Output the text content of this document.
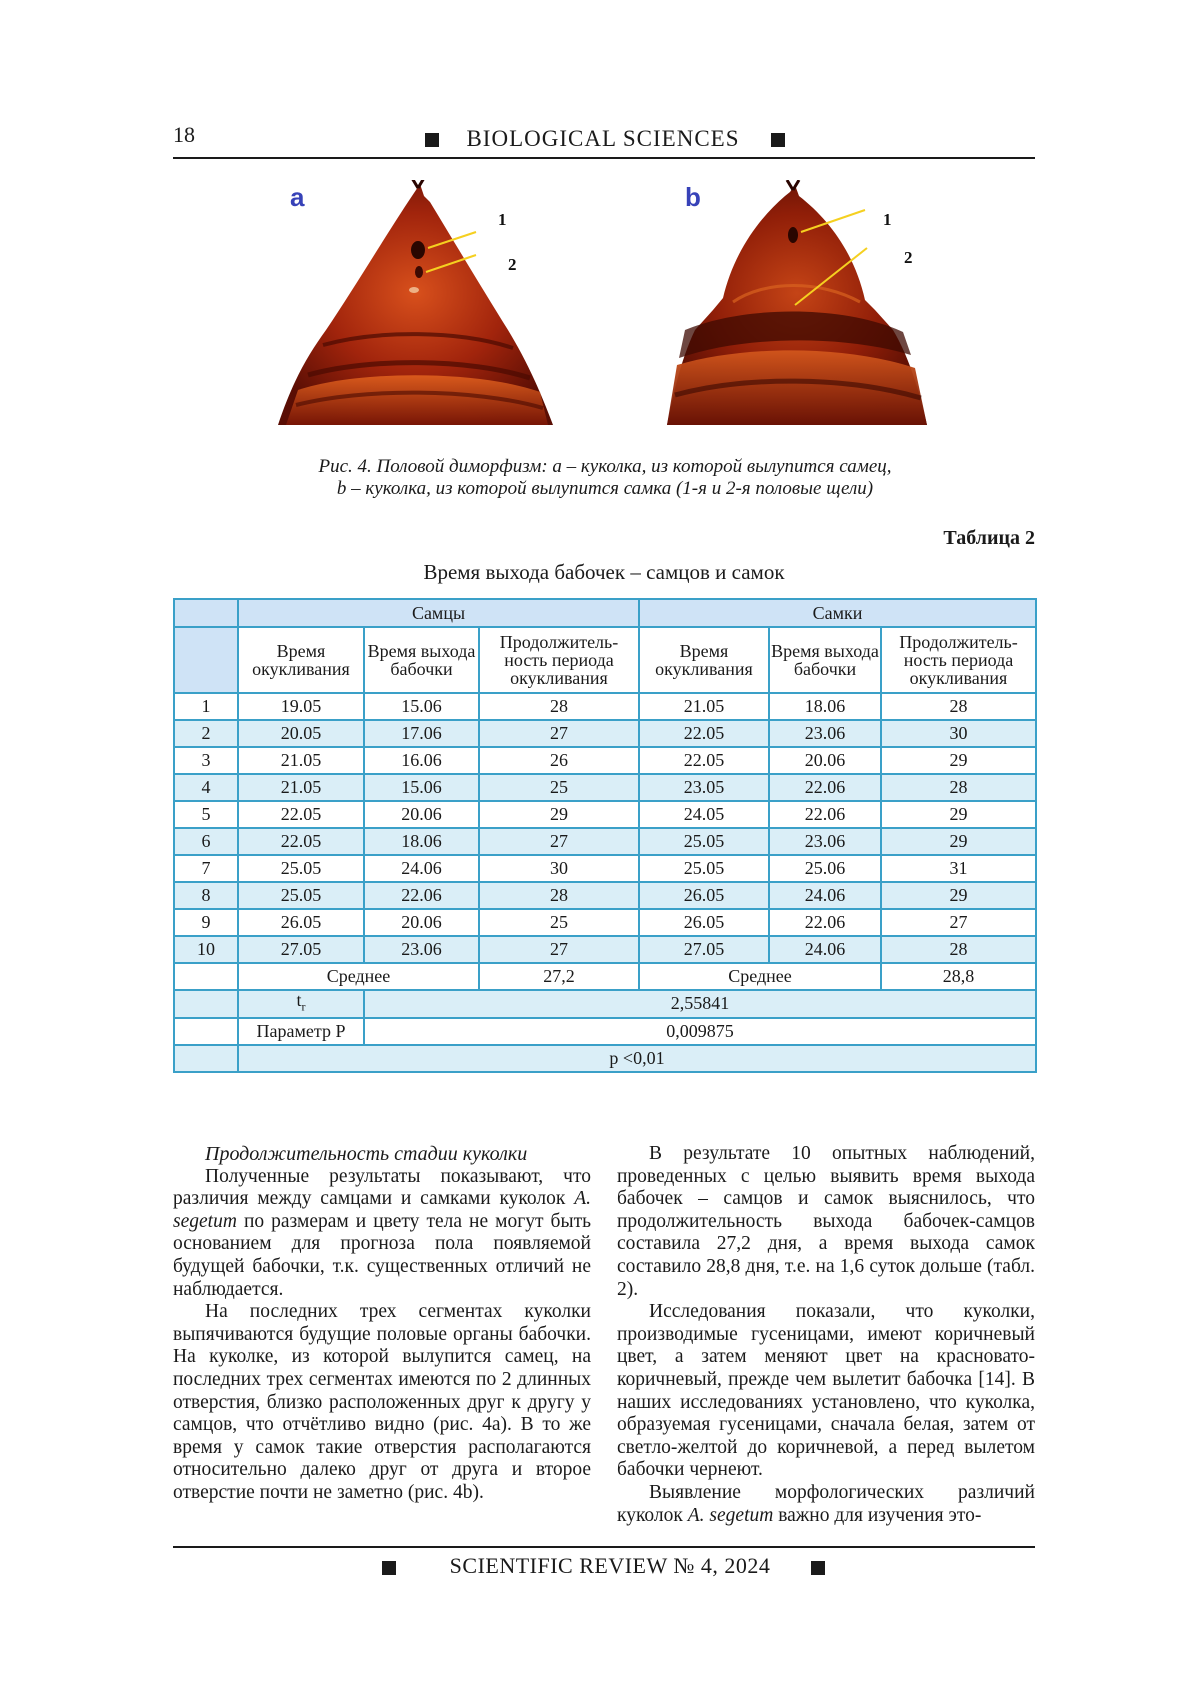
18	BIOLOGICAL SCIENCES
a
1
2
b
1
2
Рис. 4. Половой диморфизм: a – куколка, из которой вылупится самец,
b – куколка, из которой вылупится самка (1-я и 2-я половые щели)
Таблица 2
Время выхода бабочек – самцов и самок
	Самцы			Самки		
	Время окукливания	Время выхода бабочки	Продолжитель-ность периода окукливания	Время окукливания	Время выхода бабочки	Продолжитель-ность периода окукливания
1	19.05	15.06	28	21.05	18.06	28
2	20.05	17.06	27	22.05	23.06	30
3	21.05	16.06	26	22.05	20.06	29
4	21.05	15.06	25	23.05	22.06	28
5	22.05	20.06	29	24.05	22.06	29
6	22.05	18.06	27	25.05	23.06	29
7	25.05	24.06	30	25.05	25.06	31
8	25.05	22.06	28	26.05	24.06	29
9	26.05	20.06	25	26.05	22.06	27
10	27.05	23.06	27	27.05	24.06	28
	Среднее		27,2	Среднее		28,8
	$t_r$	2,55841				
	Параметр Р	0,009875				
	p <0,01					

Продолжительность стадии куколки

Полученные результаты показывают, что различия между самцами и самками куколок A. segetum по размерам и цвету тела не могут быть основанием для прогноза пола появляемой будущей бабочки, т.к. существенных отличий не наблюдается.

На последних трех сегментах куколки выпячиваются будущие половые органы бабочки. На куколке, из которой вылупится самец, на последних трех сегментах имеются по 2 длинных отверстия, близко расположенных друг к другу у самцов, что отчётливо видно (рис. 4a). В то же время у самок такие отверстия располагаются относительно далеко друг от друга и второе отверстие почти не заметно (рис. 4b).

В результате 10 опытных наблюдений, проведенных с целью выявить время выхода бабочек – самцов и самок выяснилось, что продолжительность выхода бабочек-самцов составила 27,2 дня, а время выхода самок составило 28,8 дня, т.е. на 1,6 суток дольше (табл. 2).

Исследования показали, что куколки, производимые гусеницами, имеют коричневый цвет, а затем меняют цвет на красновато-коричневый, прежде чем вылетит бабочка [14]. В наших исследованиях установлено, что куколка, образуемая гусеницами, сначала белая, затем от светло-желтой до коричневой, а перед вылетом бабочки чернеют.

Выявление морфологических различий куколок A. segetum важно для изучения это-

SCIENTIFIC REVIEW № 4, 2024
